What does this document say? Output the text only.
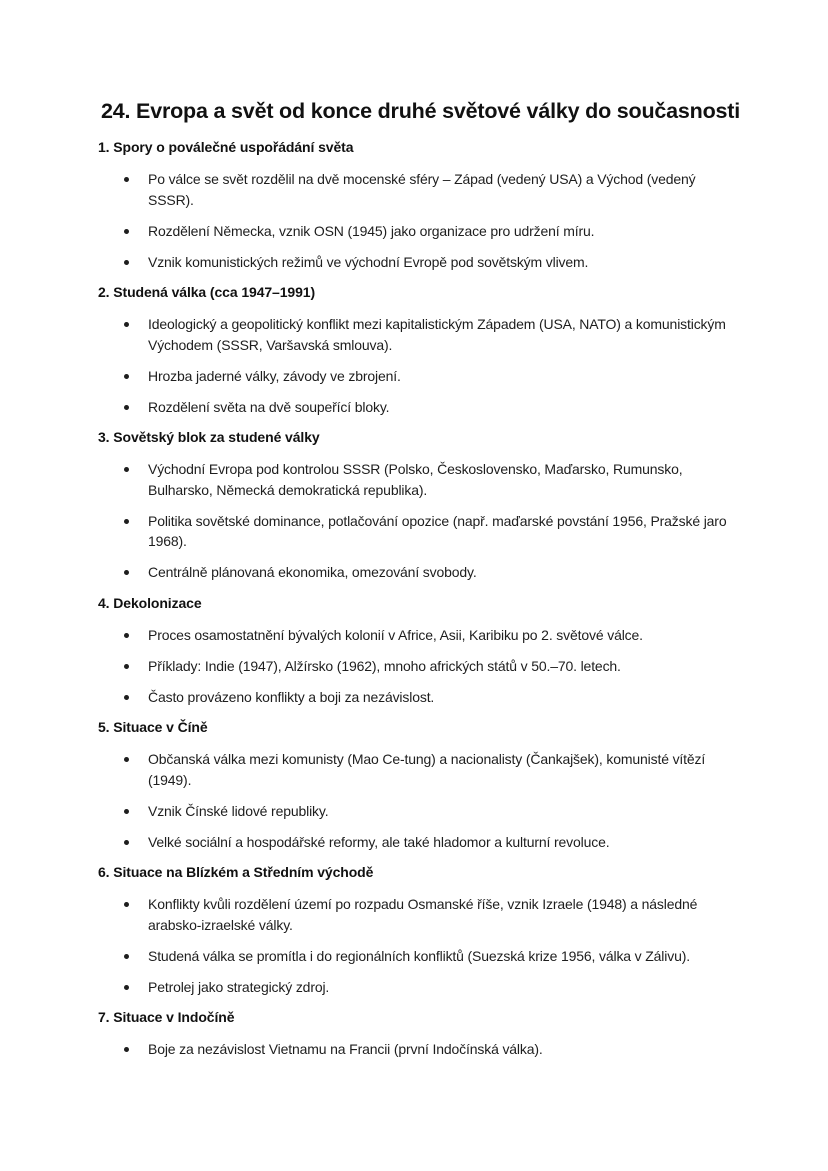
24. Evropa a svět od konce druhé světové války do současnosti
1. Spory o poválečné uspořádání světa
Po válce se svět rozdělil na dvě mocenské sféry – Západ (vedený USA) a Východ (vedený SSSR).
Rozdělení Německa, vznik OSN (1945) jako organizace pro udržení míru.
Vznik komunistických režimů ve východní Evropě pod sovětským vlivem.
2. Studená válka (cca 1947–1991)
Ideologický a geopolitický konflikt mezi kapitalistickým Západem (USA, NATO) a komunistickým Východem (SSSR, Varšavská smlouva).
Hrozba jaderné války, závody ve zbrojení.
Rozdělení světa na dvě soupeřící bloky.
3. Sovětský blok za studené války
Východní Evropa pod kontrolou SSSR (Polsko, Československo, Maďarsko, Rumunsko, Bulharsko, Německá demokratická republika).
Politika sovětské dominance, potlačování opozice (např. maďarské povstání 1956, Pražské jaro 1968).
Centrálně plánovaná ekonomika, omezování svobody.
4. Dekolonizace
Proces osamostatnění bývalých kolonií v Africe, Asii, Karibiku po 2. světové válce.
Příklady: Indie (1947), Alžírsko (1962), mnoho afrických států v 50.–70. letech.
Často provázeno konflikty a boji za nezávislost.
5. Situace v Číně
Občanská válka mezi komunisty (Mao Ce-tung) a nacionalisty (Čankajšek), komunisté vítězí (1949).
Vznik Čínské lidové republiky.
Velké sociální a hospodářské reformy, ale také hladomor a kulturní revoluce.
6. Situace na Blízkém a Středním východě
Konflikty kvůli rozdělení území po rozpadu Osmanské říše, vznik Izraele (1948) a následné arabsko-izraelské války.
Studená válka se promítla i do regionálních konfliktů (Suezská krize 1956, válka v Zálivu).
Petrolej jako strategický zdroj.
7. Situace v Indočíně
Boje za nezávislost Vietnamu na Francii (první Indočínská válka).
